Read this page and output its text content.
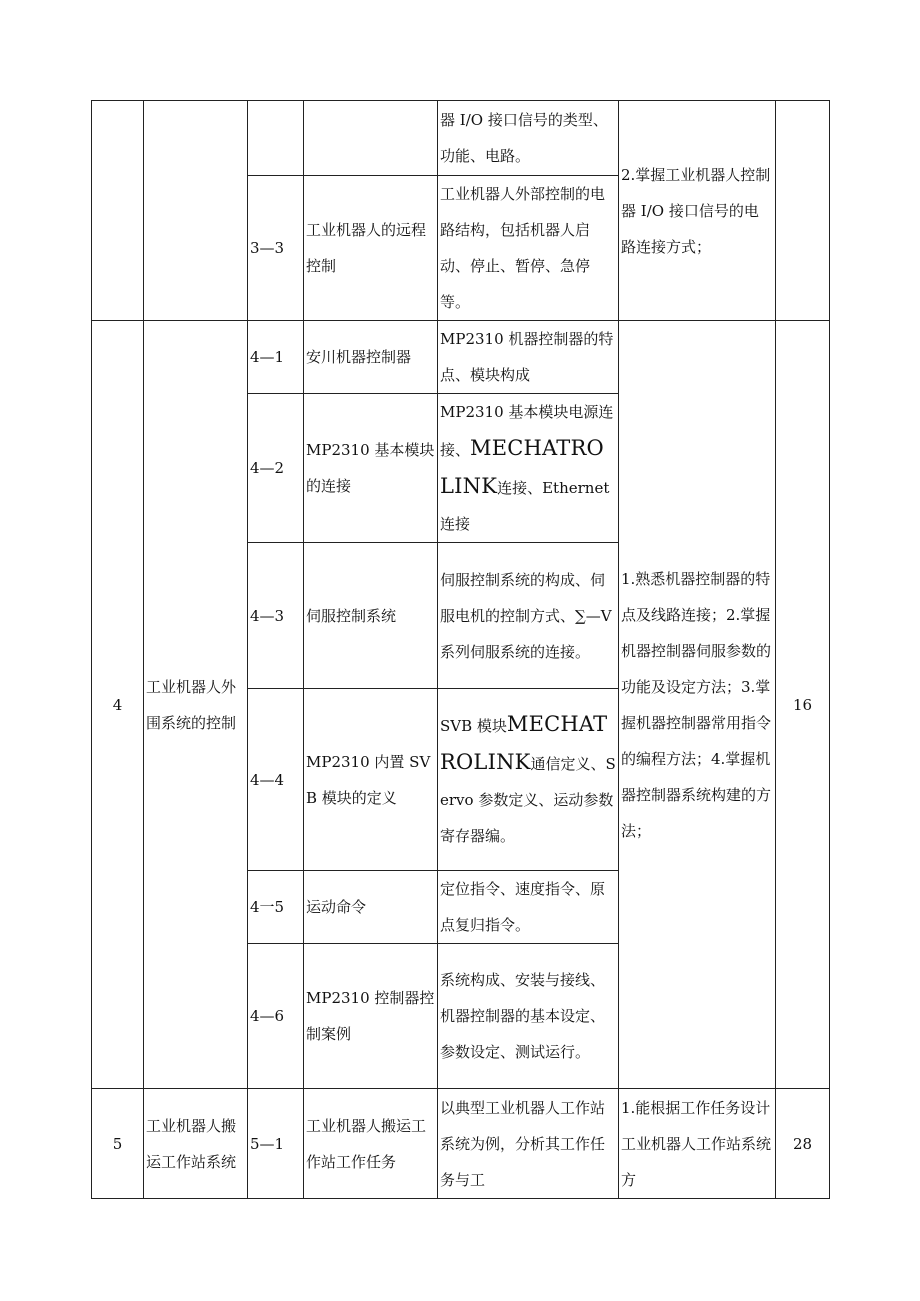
				器 I/O 接口信号的类型、功能、电路。	2.掌握工业机器人控制器 I/O 接口信号的电路连接方式；	
		3—3	工业机器人的远程控制	工业机器人外部控制的电路结构，包括机器人启动、停止、暂停、急停等。		
4	工业机器人外围系统的控制	4—1	安川机器控制器	MP2310 机器控制器的特点、模块构成	1.熟悉机器控制器的特点及线路连接；2.掌握机器控制器伺服参数的功能及设定方法；3.掌握机器控制器常用指令的编程方法；4.掌握机器控制器系统构建的方法；	16
		4—2	MP2310 基本模块的连接	MP2310 基本模块电源连接、MECHATROLINK连接、Ethernet 连接		
		4—3	伺服控制系统	伺服控制系统的构成、伺服电机的控制方式、∑—V 系列伺服系统的连接。		
		4—4	MP2310 内置 SVB 模块的定义	SVB 模块MECHATROLINK通信定义、Servo 参数定义、运动参数寄存器编。		
		4一5	运动命令	定位指令、速度指令、原点复归指令。		
		4—6	MP2310 控制器控制案例	系统构成、安装与接线、机器控制器的基本设定、参数设定、测试运行。		
5	工业机器人搬运工作站系统	5—1	工业机器人搬运工作站工作任务	以典型工业机器人工作站系统为例，分析其工作任务与工	1.能根据工作任务设计工业机器人工作站系统方	28
